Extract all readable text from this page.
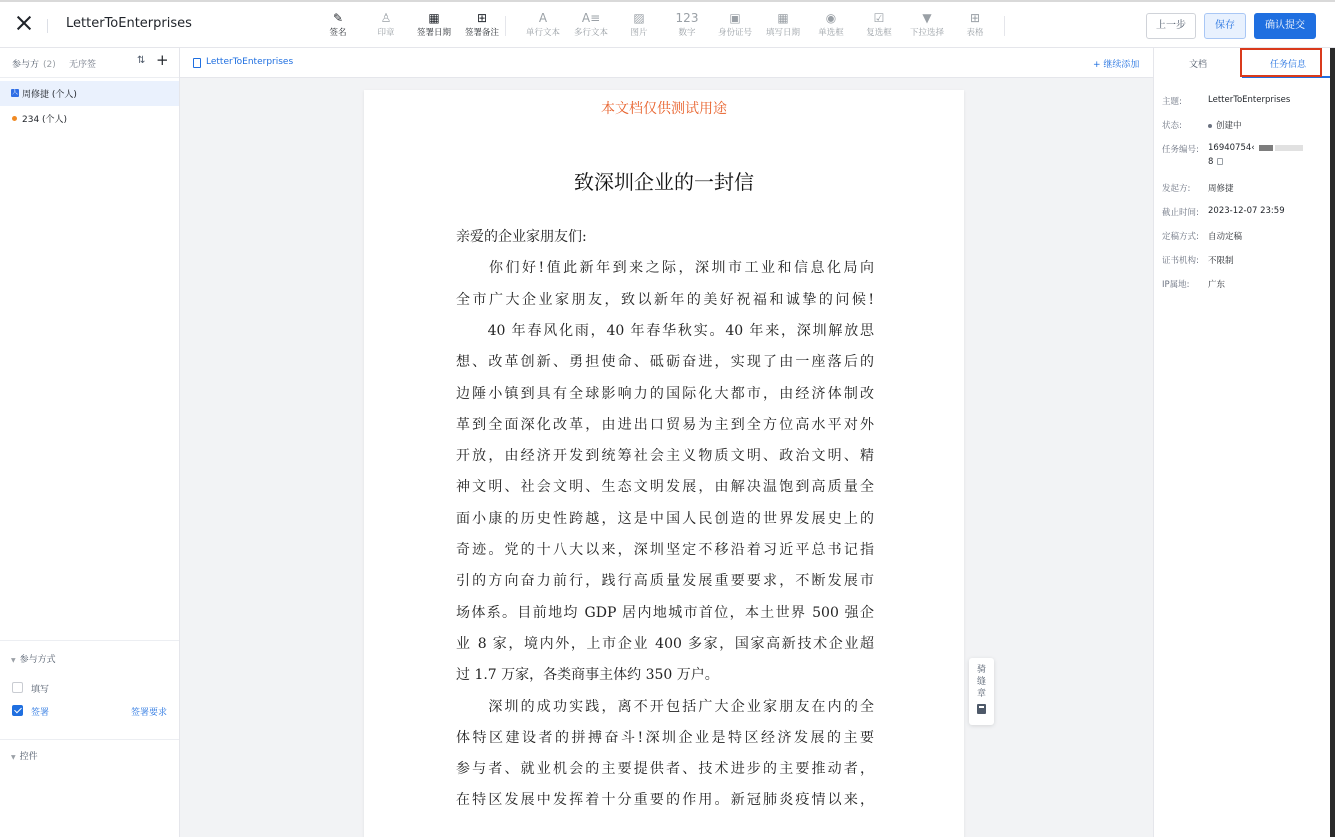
LetterToEnterprises	✎
签名
♙
印章
▦
签署日期
⊞
签署备注
A
单行文本
A≡
多行文本
▨
图片
123
数字
▣
身份证号
▦
填写日期
◉
单选框
☑
复选框
▼
下拉选择
⊞
表格
上一步	保存	确认提交
参与方 (2) 无序签	⇅ +
人 周修捷 (个人)
234 (个人)
▼ 参与方式
填写
签署	签署要求
▼ 控件
LetterToEnterprises	+ 继续添加
本文档仅供测试用途
致深圳企业的一封信
亲爱的企业家朋友们:
　　你们好!值此新年到来之际，深圳市工业和信息化局向
全市广大企业家朋友，致以新年的美好祝福和诚挚的问候!
　　40 年春风化雨，40 年春华秋实。40 年来，深圳解放思
想、改革创新、勇担使命、砥砺奋进，实现了由一座落后的
边陲小镇到具有全球影响力的国际化大都市，由经济体制改
革到全面深化改革，由进出口贸易为主到全方位高水平对外
开放，由经济开发到统筹社会主义物质文明、政治文明、精
神文明、社会文明、生态文明发展，由解决温饱到高质量全
面小康的历史性跨越，这是中国人民创造的世界发展史上的
奇迹。党的十八大以来，深圳坚定不移沿着习近平总书记指
引的方向奋力前行，践行高质量发展重要要求，不断发展市
场体系。目前地均 GDP 居内地城市首位，本土世界 500 强企
业 8 家，境内外，上市企业 400 多家，国家高新技术企业超
过 1.7 万家，各类商事主体约 350 万户。
　　深圳的成功实践，离不开包括广大企业家朋友在内的全
体特区建设者的拼搏奋斗!深圳企业是特区经济发展的主要
参与者、就业机会的主要提供者、技术进步的主要推动者，
在特区发展中发挥着十分重要的作用。新冠肺炎疫情以来，
骑
缝
章
文档	任务信息
主题:	LetterToEnterprises
状态:	创建中
任务编号: 16940754‹
8
发起方: 周修捷
截止时间: 2023-12-07 23:59
定稿方式: 自动定稿
证书机构: 不限制
IP属地: 广东
